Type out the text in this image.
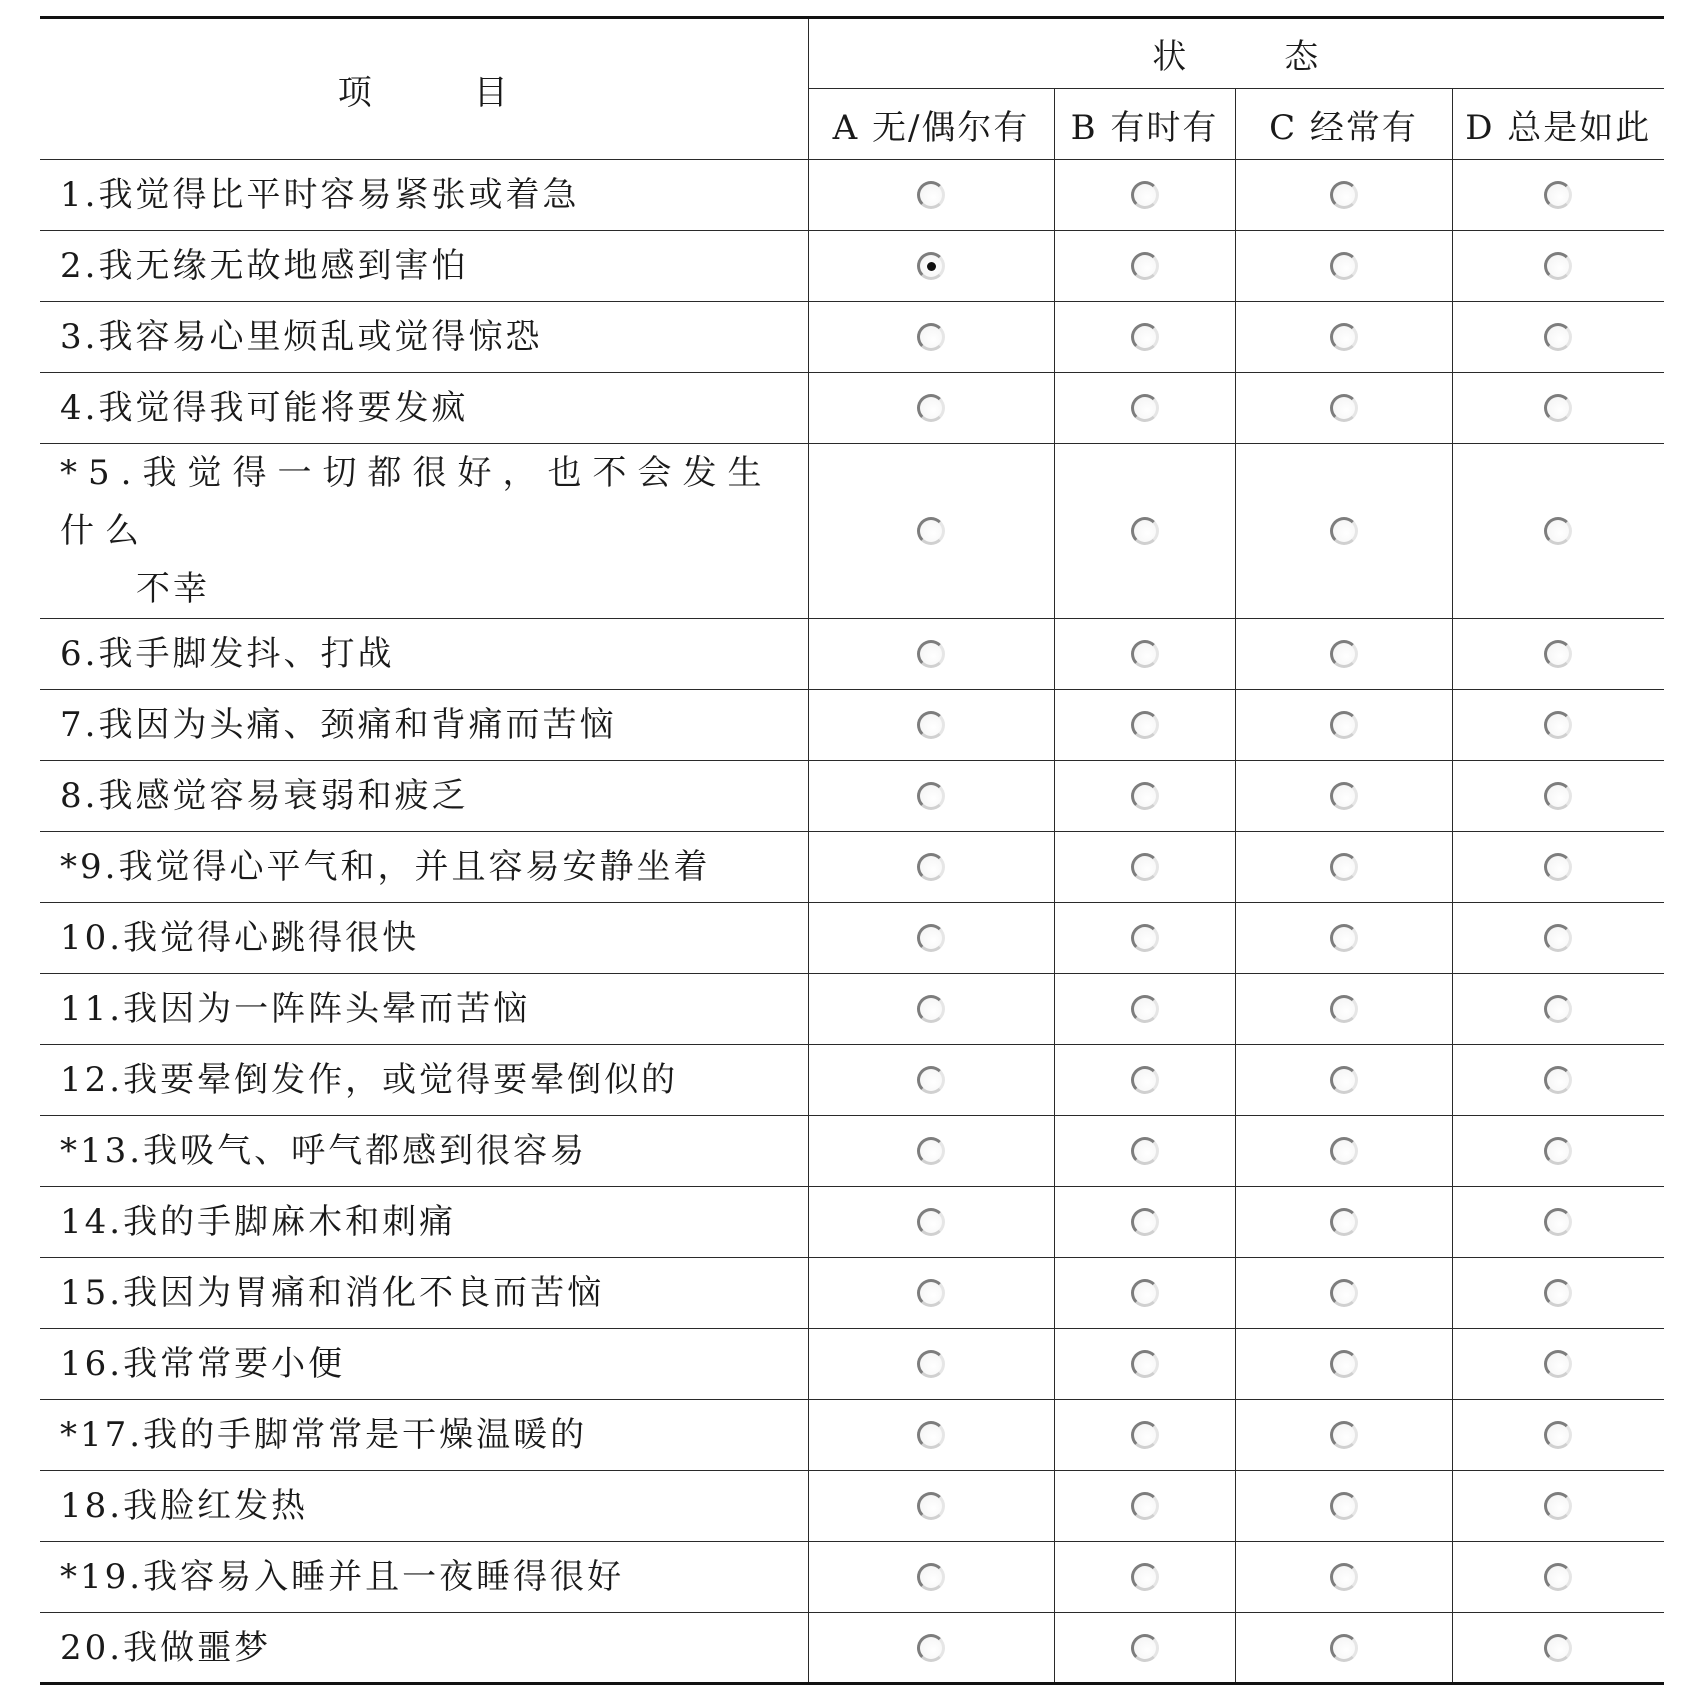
项 目	状 态			
	A 无/偶尔有	B 有时有	C 经常有	D 总是如此
1.我觉得比平时容易紧张或着急				
2.我无缘无故地感到害怕				
3.我容易心里烦乱或觉得惊恐				
4.我觉得我可能将要发疯				
*5.我觉得一切都很好，也不会发生什么
不幸				

6.我手脚发抖、打战				
7.我因为头痛、颈痛和背痛而苦恼				
8.我感觉容易衰弱和疲乏				
*9.我觉得心平气和，并且容易安静坐着				
10.我觉得心跳得很快				
11.我因为一阵阵头晕而苦恼				
12.我要晕倒发作，或觉得要晕倒似的				
*13.我吸气、呼气都感到很容易				
14.我的手脚麻木和刺痛				
15.我因为胃痛和消化不良而苦恼				
16.我常常要小便				
*17.我的手脚常常是干燥温暖的				
18.我脸红发热				
*19.我容易入睡并且一夜睡得很好				
20.我做噩梦				
